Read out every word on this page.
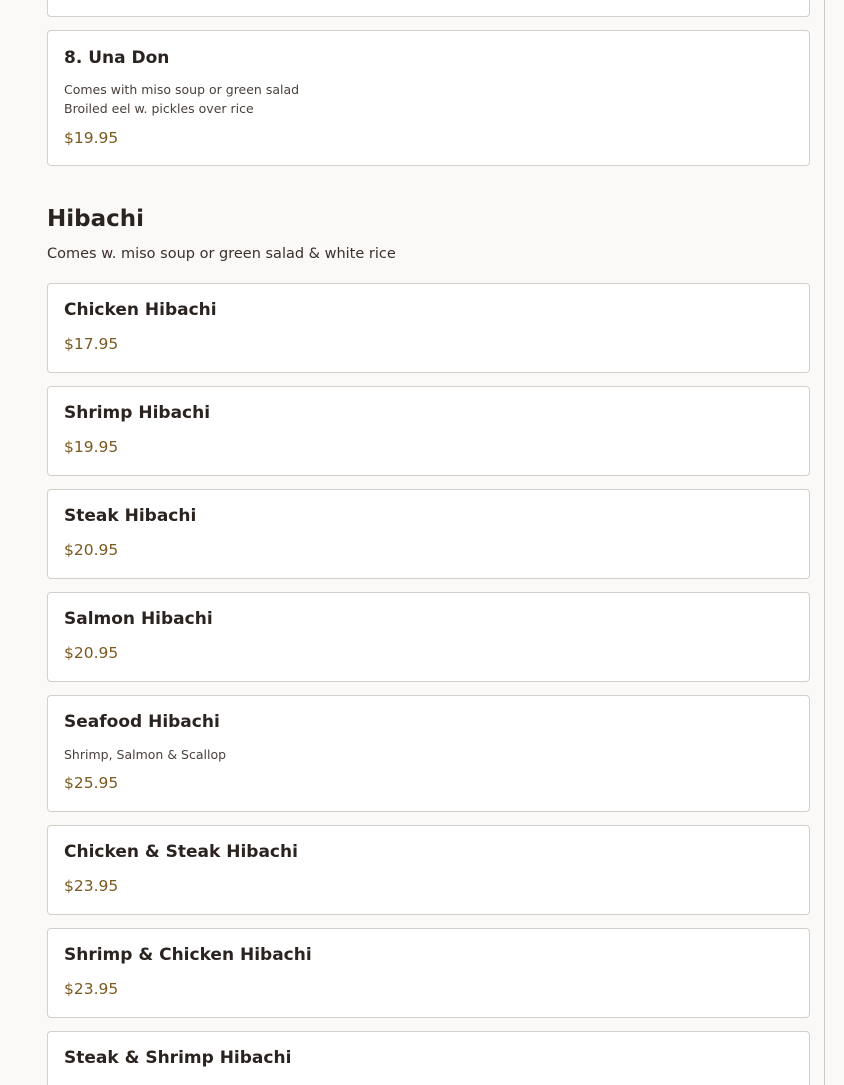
8. Una Don
Comes with miso soup or green salad
Broiled eel w. pickles over rice
$19.95
Hibachi
Comes w. miso soup or green salad & white rice
Chicken Hibachi
$17.95
Shrimp Hibachi
$19.95
Steak Hibachi
$20.95
Salmon Hibachi
$20.95
Seafood Hibachi
Shrimp, Salmon & Scallop
$25.95
Chicken & Steak Hibachi
$23.95
Shrimp & Chicken Hibachi
$23.95
Steak & Shrimp Hibachi
